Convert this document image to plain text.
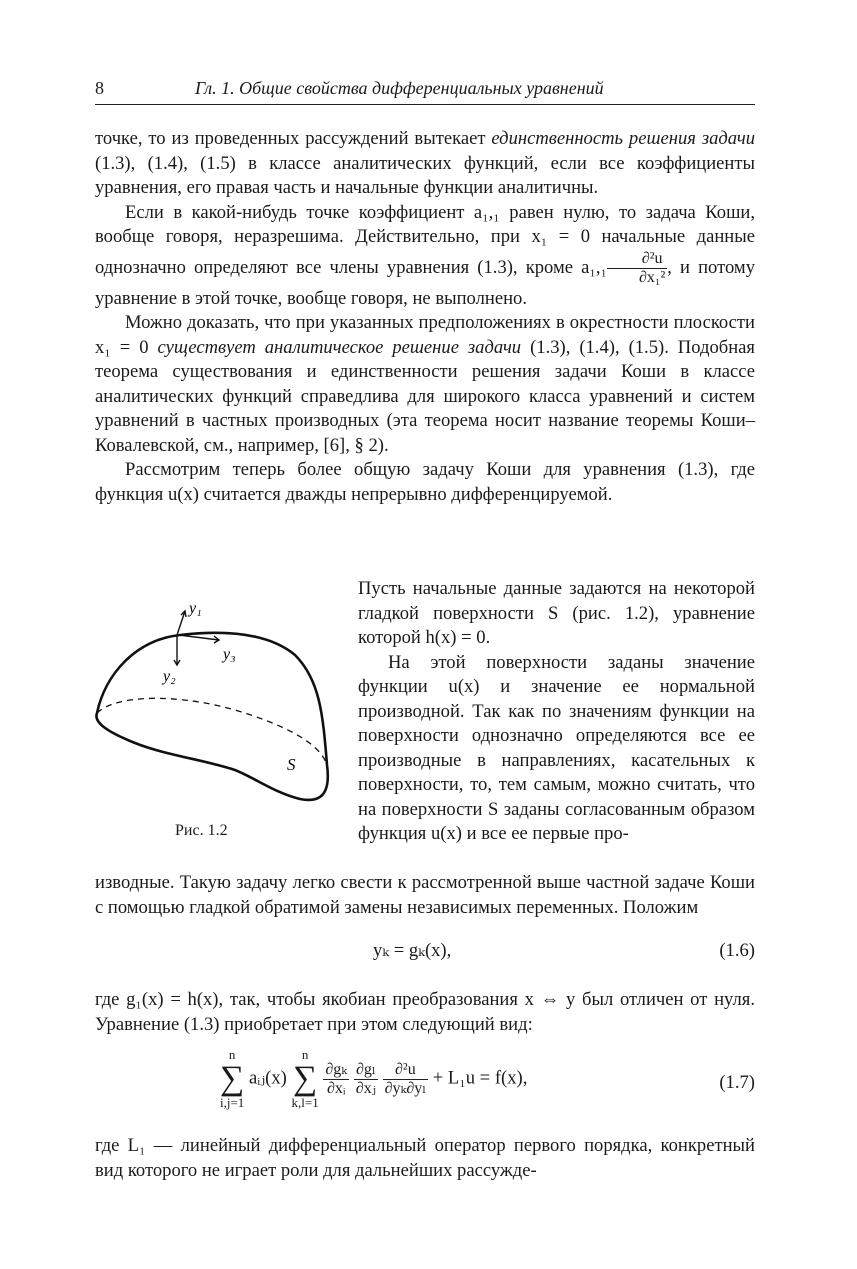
8	Гл. 1. Общие свойства дифференциальных уравнений

точке, то из проведенных рассуждений вытекает единственность решения задачи (1.3), (1.4), (1.5) в классе аналитических функций, если все коэффициенты уравнения, его правая часть и начальные функции аналитичны.

Если в какой-нибудь точке коэффициент a₁,₁ равен нулю, то задача Коши, вообще говоря, неразрешима. Действительно, при x₁ = 0 начальные данные однозначно определяют все члены уравнения (1.3), кроме $a_1,_1 \frac{\text{∂²u}}{\text{∂x₁²}}$ , и потому уравнение в этой точке, вообще говоря, не выполнено.

Можно доказать, что при указанных предположениях в окрестности плоскости x₁ = 0 существует аналитическое решение задачи (1.3), (1.4), (1.5). Подобная теорема существования и единственности решения задачи Коши в классе аналитических функций справедлива для широкого класса уравнений и систем уравнений в частных производных (эта теорема носит название теоремы Коши–Ковалевской, см., например, [6], § 2).

Рассмотрим теперь более общую задачу Коши для уравнения (1.3), где функция u(x) считается дважды непрерывно дифференцируемой.

изводные. Такую задачу легко свести к рассмотренной выше частной задаче Коши с помощью гладкой обратимой замены независимых переменных. Положим

yₖ = gₖ(x),

где g₁(x) = h(x), так, чтобы якобиан преобразования x ⇔ y был отличен от нуля. Уравнение (1.3) приобретает при этом следующий вид:

n
∑
i,j=1
aᵢⱼ(x)
n
∑
k,l=1

$\frac{\text{∂gₖ}}{\text{∂xᵢ}}$
$\frac{\text{∂gₗ}}{\text{∂xⱼ}}$
$\frac{\text{∂²u}}{\text{∂yₖ∂yₗ}} + L_1u = f(x)$,

где L₁ — линейный дифференциальный оператор первого порядка, конкретный вид которого не играет роли для дальнейших рассужде-

(1.6)
(1.7)

Пусть начальные данные задаются на некоторой гладкой поверхности S (рис. 1.2), уравнение которой h(x) = 0.

На этой поверхности заданы значение функции u(x) и значение ее нормальной производной. Так как по значениям функции на поверхности однозначно определяются все ее производные в направлениях, касательных к поверхности, то, тем самым, можно считать, что на поверхности S заданы согласованным образом функция u(x) и все ее первые про-

y₁
y₂
y₃
S
Рис. 1.2
